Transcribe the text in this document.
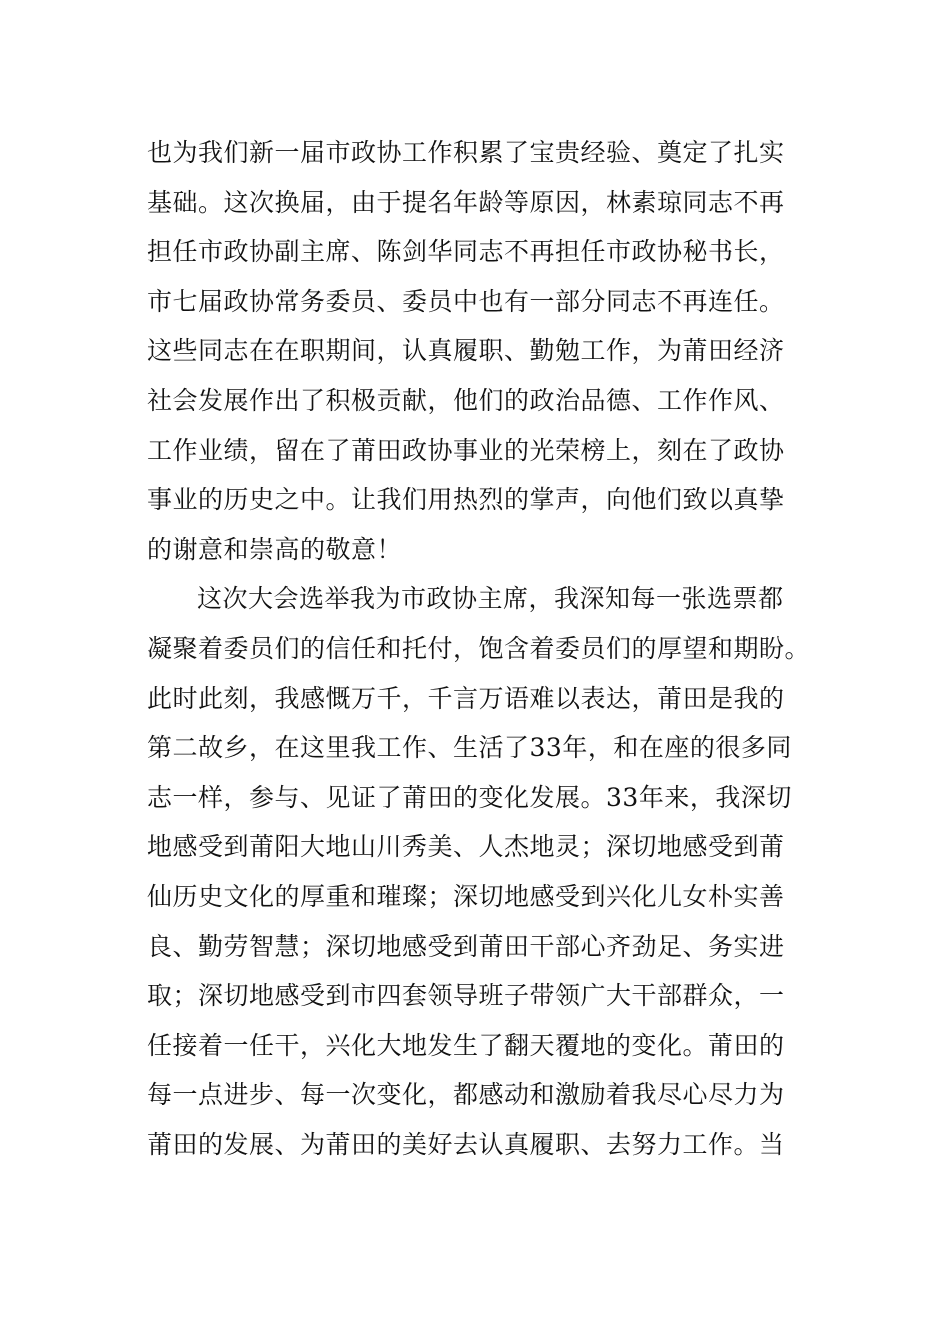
也为我们新一届市政协工作积累了宝贵经验、奠定了扎实
基础。这次换届，由于提名年龄等原因，林素琼同志不再
担任市政协副主席、陈剑华同志不再担任市政协秘书长，
市七届政协常务委员、委员中也有一部分同志不再连任。
这些同志在在职期间，认真履职、勤勉工作，为莆田经济
社会发展作出了积极贡献，他们的政治品德、工作作风、
工作业绩，留在了莆田政协事业的光荣榜上，刻在了政协
事业的历史之中。让我们用热烈的掌声，向他们致以真挚
的谢意和崇高的敬意！
这次大会选举我为市政协主席，我深知每一张选票都
凝聚着委员们的信任和托付，饱含着委员们的厚望和期盼。
此时此刻，我感慨万千，千言万语难以表达，莆田是我的
第二故乡，在这里我工作、生活了33年，和在座的很多同
志一样，参与、见证了莆田的变化发展。33年来，我深切
地感受到莆阳大地山川秀美、人杰地灵；深切地感受到莆
仙历史文化的厚重和璀璨；深切地感受到兴化儿女朴实善
良、勤劳智慧；深切地感受到莆田干部心齐劲足、务实进
取；深切地感受到市四套领导班子带领广大干部群众，一
任接着一任干，兴化大地发生了翻天覆地的变化。莆田的
每一点进步、每一次变化，都感动和激励着我尽心尽力为
莆田的发展、为莆田的美好去认真履职、去努力工作。当
